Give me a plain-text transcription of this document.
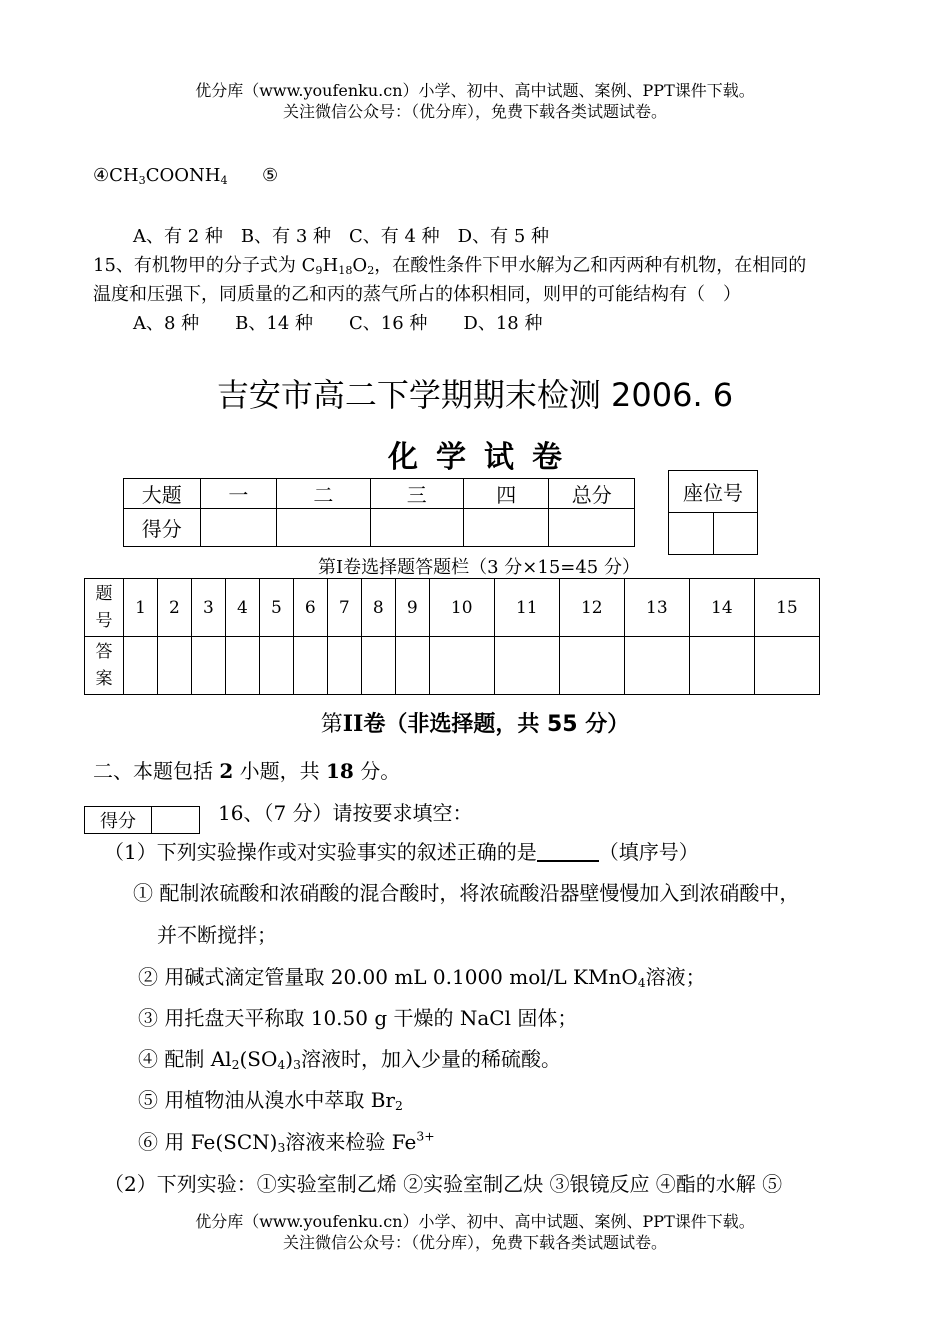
优分库（www.youfenku.cn）小学、初中、高中试题、案例、PPT课件下载。
关注微信公众号：（优分库），免费下载各类试题试卷。
$④CH_3COONH_4$ ⑤
A、有 2 种　B、有 3 种　C、有 4 种　D、有 5 种
15、有机物甲的分子式为 $C_9H_{18}O_2$，在酸性条件下甲水解为乙和丙两种有机物，在相同的
温度和压强下，同质量的乙和丙的蒸气所占的体积相同，则甲的可能结构有（　）
A、8 种　　B、14 种　　C、16 种　　D、18 种
吉安市高二下学期期末检测 2006. 6
化学试卷
大题	一	二	三	四	总分
得分					
座位号

第Ⅰ卷选择题答题栏（3 分×15=45 分）
题
号	1	2	3	4	5	6	7	8	9	10	11	12	13	14	15
答
案															
第II卷（非选择题，共 55 分）
二、本题包括 2 小题，共 18 分。
得分		16、（7 分）请按要求填空：
（1）下列实验操作或对实验事实的叙述正确的是	（填序号）
① 配制浓硫酸和浓硝酸的混合酸时，将浓硫酸沿器壁慢慢加入到浓硝酸中，
并不断搅拌；
② 用碱式滴定管量取 20.00 mL 0.1000 mol/L KMnO$_4$溶液；
③ 用托盘天平称取 10.50 g 干燥的 NaCl 固体；
④ 配制 $Al_2(SO_4)_3$溶液时，加入少量的稀硫酸。
⑤ 用植物油从溴水中萃取 $Br_2$
⑥ 用 $Fe(SCN)_3$溶液来检验 $Fe^{3+}$
（2）下列实验：①实验室制乙烯 ②实验室制乙炔 ③银镜反应 ④酯的水解 ⑤
优分库（www.youfenku.cn）小学、初中、高中试题、案例、PPT课件下载。
关注微信公众号：（优分库），免费下载各类试题试卷。
